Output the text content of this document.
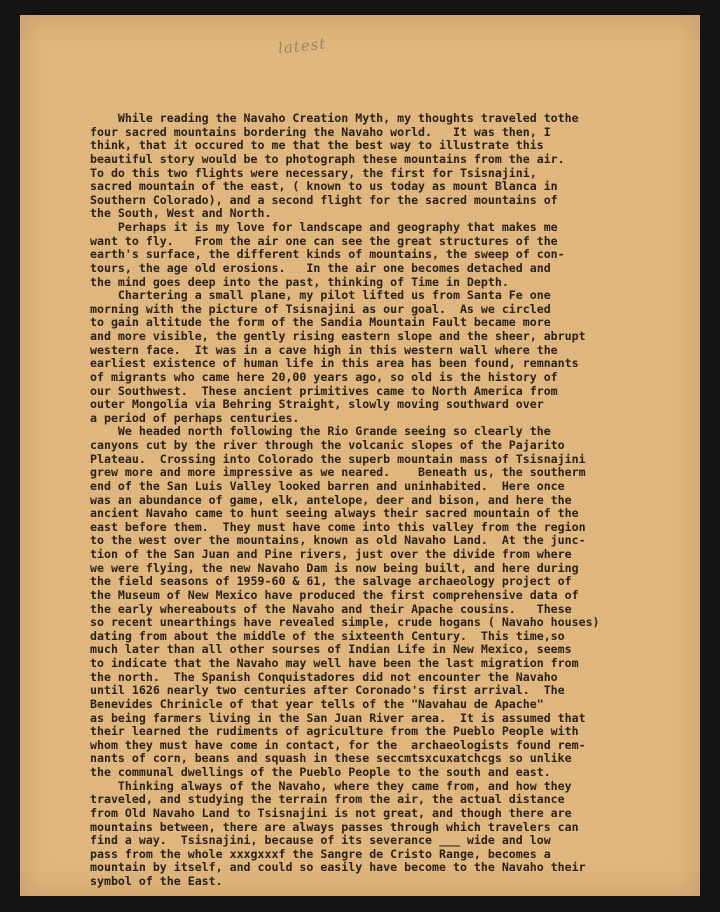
latest
While reading the Navaho Creation Myth, my thoughts traveled tothe
four sacred mountains bordering the Navaho world.   It was then, I
think, that it occured to me that the best way to illustrate this
beautiful story would be to photograph these mountains from the air.
To do this two flights were necessary, the first for Tsisnajini,
sacred mountain of the east, ( known to us today as mount Blanca in
Southern Colorado), and a second flight for the sacred mountains of
the South, West and North.
Perhaps it is my love for landscape and geography that makes me
want to fly.   From the air one can see the great structures of the
earth's surface, the different kinds of mountains, the sweep of con-
tours, the age old erosions.   In the air one becomes detached and
the mind goes deep into the past, thinking of Time in Depth.
Chartering a small plane, my pilot lifted us from Santa Fe one
morning with the picture of Tsisnajini as our goal.  As we circled
to gain altitude the form of the Sandia Mountain Fault became more
and more visible, the gently rising eastern slope and the sheer, abrupt
western face.  It was in a cave high in this western wall where the
earliest existence of human life in this area has been found, remnants
of migrants who came here 20,00 years ago, so old is the history of
our Southwest.  These ancient primitives came to North America from
outer Mongolia via Behring Straight, slowly moving southward over
a period of perhaps centuries.
We headed north following the Rio Grande seeing so clearly the
canyons cut by the river through the volcanic slopes of the Pajarito
Plateau.  Crossing into Colorado the superb mountain mass of Tsisnajini
grew more and more impressive as we neared.    Beneath us, the southerm
end of the San Luis Valley looked barren and uninhabited.  Here once
was an abundance of game, elk, antelope, deer and bison, and here the
ancient Navaho came to hunt seeing always their sacred mountain of the
east before them.  They must have come into this valley from the region
to the west over the mountains, known as old Navaho Land.  At the junc-
tion of the San Juan and Pine rivers, just over the divide from where
we were flying, the new Navaho Dam is now being built, and here during
the field seasons of 1959-60 & 61, the salvage archaeology project of
the Museum of New Mexico have produced the first comprehensive data of
the early whereabouts of the Navaho and their Apache cousins.   These
so recent unearthings have revealed simple, crude hogans ( Navaho houses)
dating from about the middle of the sixteenth Century.  This time,so
much later than all other sourses of Indian Life in New Mexico, seems
to indicate that the Navaho may well have been the last migration from
the north.  The Spanish Conquistadores did not encounter the Navaho
until 1626 nearly two centuries after Coronado's first arrival.  The
Benevides Chrinicle of that year tells of the "Navahau de Apache"
as being farmers living in the San Juan River area.  It is assumed that
their learned the rudiments of agriculture from the Pueblo People with
whom they must have come in contact, for the  archaeologists found rem-
nants of corn, beans and squash in these seccmtsxcuxatchcgs so unlike
the communal dwellings of the Pueblo People to the south and east.
Thinking always of the Navaho, where they came from, and how they
traveled, and studying the terrain from the air, the actual distance
from Old Navaho Land to Tsisnajini is not great, and though there are
mountains between, there are always passes through which travelers can
find a way.  Tsisnajini, because of its severance ___ wide and low
pass from the whole xxxgxxxf the Sangre de Cristo Range, becomes a
mountain by itself, and could so easily have become to the Navaho their
symbol of the East.
